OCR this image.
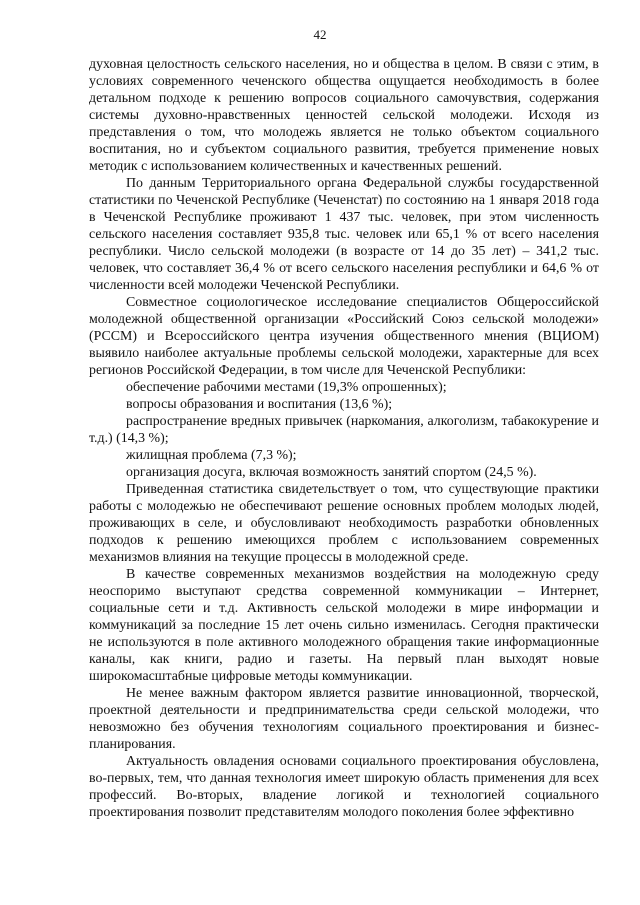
42

духовная целостность сельского населения, но и общества в целом. В связи с этим, в условиях современного чеченского общества ощущается необходимость в более детальном подходе к решению вопросов социального самочувствия, содержания системы духовно-нравственных ценностей сельской молодежи. Исходя из представления о том, что молодежь является не только объектом социального воспитания, но и субъектом социального развития, требуется применение новых методик с использованием количественных и качественных решений.

По данным Территориального органа Федеральной службы государственной статистики по Чеченской Республике (Чеченстат) по состоянию на 1 января 2018 года в Чеченской Республике проживают 1 437 тыс. человек, при этом численность сельского населения составляет 935,8 тыс. человек или 65,1 % от всего населения республики. Число сельской молодежи (в возрасте от 14 до 35 лет) – 341,2 тыс. человек, что составляет 36,4 % от всего сельского населения республики и 64,6 % от численности всей молодежи Чеченской Республики.

Совместное социологическое исследование специалистов Общероссийской молодежной общественной организации «Российский Союз сельской молодежи» (РССМ) и Всероссийского центра изучения общественного мнения (ВЦИОМ) выявило наиболее актуальные проблемы сельской молодежи, характерные для всех регионов Российской Федерации, в том числе для Чеченской Республики:

обеспечение рабочими местами (19,3% опрошенных);

вопросы образования и воспитания (13,6 %);

распространение вредных привычек (наркомания, алкоголизм, табакокурение и т.д.) (14,3 %);

жилищная проблема (7,3 %);

организация досуга, включая возможность занятий спортом (24,5 %).

Приведенная статистика свидетельствует о том, что существующие практики работы с молодежью не обеспечивают решение основных проблем молодых людей, проживающих в селе, и обусловливают необходимость разработки обновленных подходов к решению имеющихся проблем с использованием современных механизмов влияния на текущие процессы в молодежной среде.

В качестве современных механизмов воздействия на молодежную среду неоспоримо выступают средства современной коммуникации – Интернет, социальные сети и т.д. Активность сельской молодежи в мире информации и коммуникаций за последние 15 лет очень сильно изменилась. Сегодня практически не используются в поле активного молодежного обращения такие информационные каналы, как книги, радио и газеты. На первый план выходят новые широкомасштабные цифровые методы коммуникации.

Не менее важным фактором является развитие инновационной, творческой, проектной деятельности и предпринимательства среди сельской молодежи, что невозможно без обучения технологиям социального проектирования и бизнес-планирования.

Актуальность овладения основами социального проектирования обусловлена, во-первых, тем, что данная технология имеет широкую область применения для всех профессий. Во-вторых, владение логикой и технологией социального проектирования позволит представителям молодого поколения более эффективно
